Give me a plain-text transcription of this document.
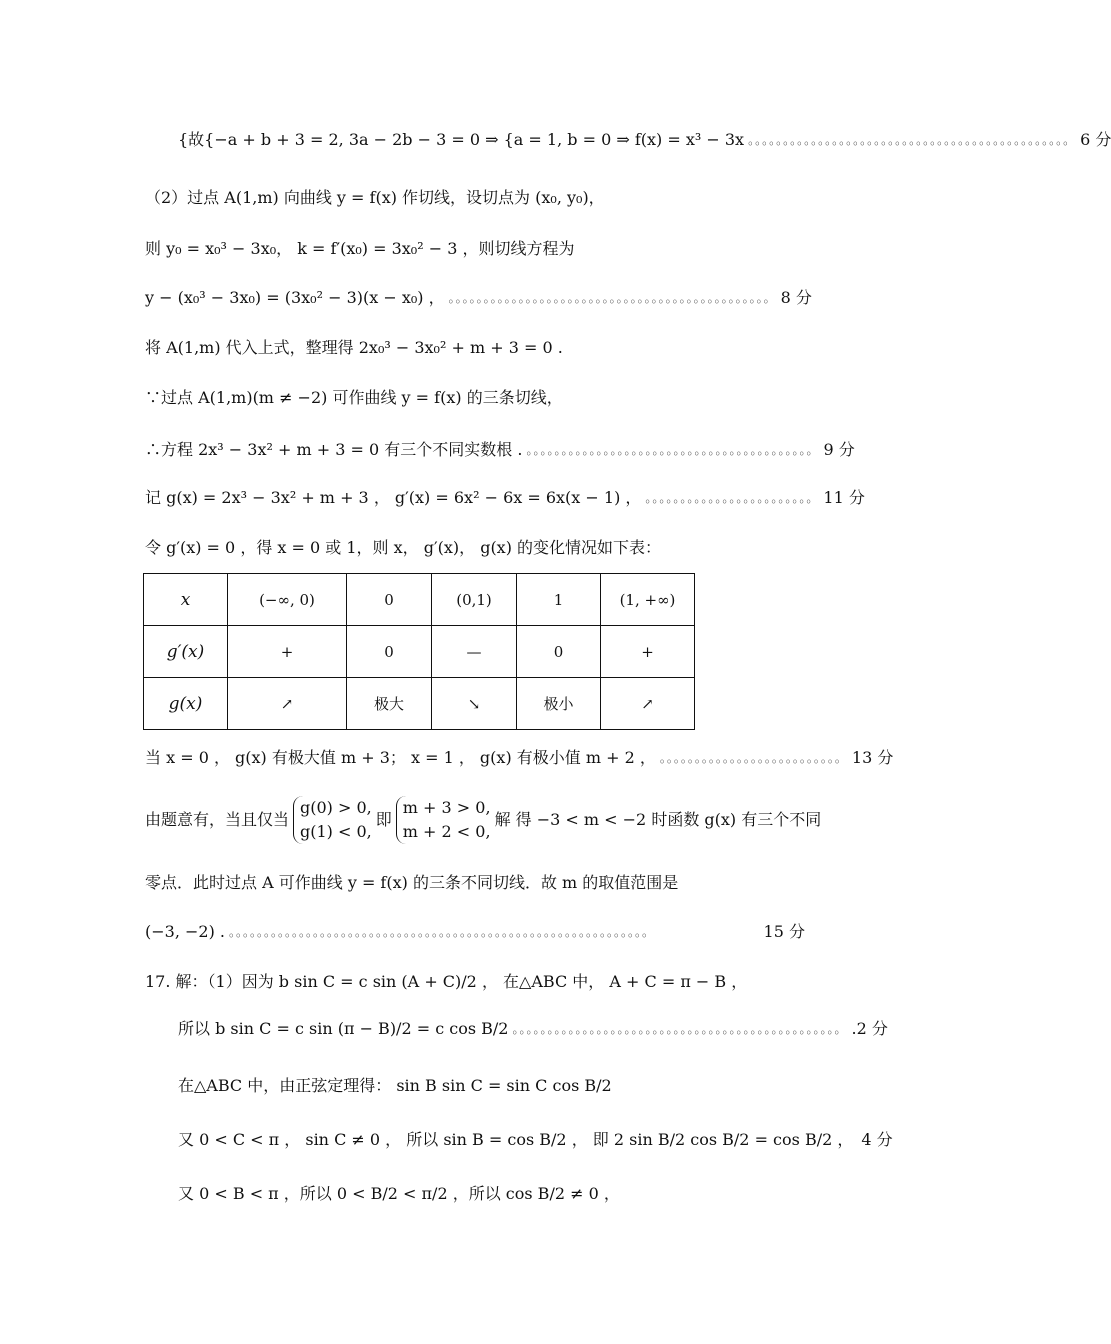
{故{−a + b + 3 = 2, 3a − 2b − 3 = 0 ⇒ {a = 1, b = 0 ⇒ f(x) = x³ − 3x 。。。。。。。。。。。。。。。。。。。。。。。。。。。。。。。。。。。。。。。。。。。。。。 6 分
（2）过点 A(1,m) 向曲线 y = f(x) 作切线，设切点为 (x₀, y₀)，
则 y₀ = x₀³ − 3x₀， k = f′(x₀) = 3x₀² − 3 ，则切线方程为
y − (x₀³ − 3x₀) = (3x₀² − 3)(x − x₀) ， 。。。。。。。。。。。。。。。。。。。。。。。。。。。。。。。。。。。。。。。。。。。。。。 8 分
将 A(1,m) 代入上式，整理得 2x₀³ − 3x₀² + m + 3 = 0 .
∵过点 A(1,m)(m ≠ −2) 可作曲线 y = f(x) 的三条切线，
∴方程 2x³ − 3x² + m + 3 = 0 有三个不同实数根 . 。。。。。。。。。。。。。。。。。。。。。。。。。。。。。。。。。。。。。。。。。 9 分
记 g(x) = 2x³ − 3x² + m + 3 ， g′(x) = 6x² − 6x = 6x(x − 1) ， 。。。。。。。。。。。。。。。。。。。。。。。。 11 分
令 g′(x) = 0 ，得 x = 0 或 1，则 x， g′(x)， g(x) 的变化情况如下表：
x	(−∞, 0)	0	(0,1)	1	(1, +∞)
g′(x)	+	0	—	0	+
g(x)	↗	极大	↘	极小	↗
当 x = 0 ， g(x) 有极大值 m + 3； x = 1 ， g(x) 有极小值 m + 2 ， 。。。。。。。。。。。。。。。。。。。。。。。。。。 13 分
由题意有，当且仅当
g(0) > 0,
g(1) < 0,
即
m + 3 > 0,
m + 2 < 0,
解 得 −3 < m < −2 时函数 g(x) 有三个不同
零点．此时过点 A 可作曲线 y = f(x) 的三条不同切线．故 m 的取值范围是
(−3, −2) . 。。。。。。。。。。。。。。。。。。。。。。。。。。。。。。。。。。。。。。。。。。。。。。。。。。。。。。。。。。。。	15 分
17. 解：（1）因为 b sin C = c sin (A + C)/2 ， 在△ABC 中， A + C = π − B ，
所以 b sin C = c sin (π − B)/2 = c cos B/2 。。。。。。。。。。。。。。。。。。。。。。。。。。。。。。。。。。。。。。。。。。。。。。。 .2 分
在△ABC 中，由正弦定理得： sin B sin C = sin C cos B/2
又 0 < C < π ， sin C ≠ 0 ， 所以 sin B = cos B/2 ， 即 2 sin B/2 cos B/2 = cos B/2 ， 4 分
又 0 < B < π ，所以 0 < B/2 < π/2 ，所以 cos B/2 ≠ 0 ，
